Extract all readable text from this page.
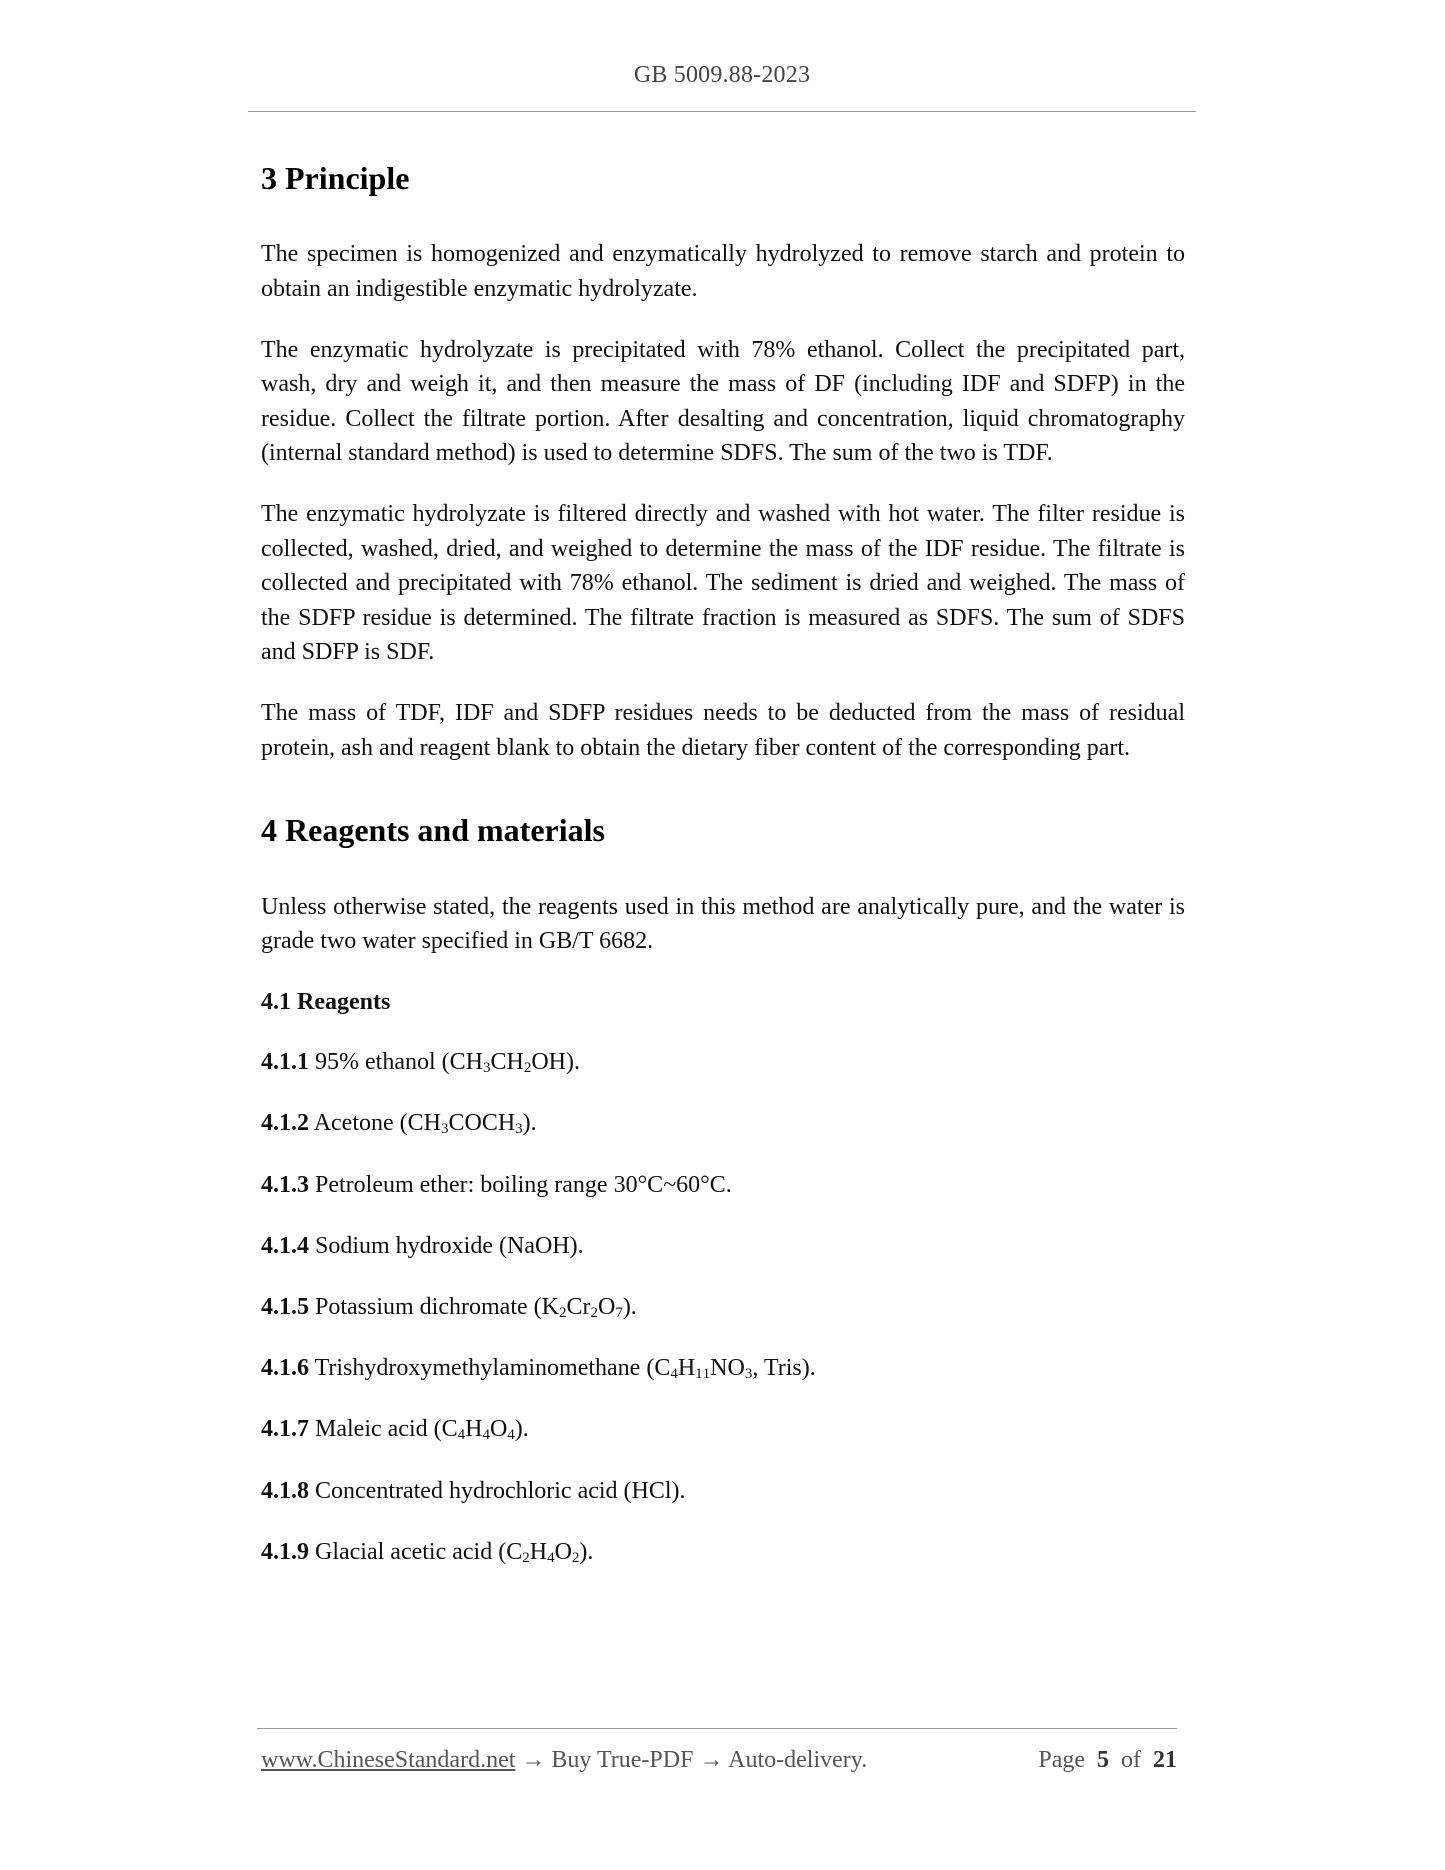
GB 5009.88-2023
3 Principle

The specimen is homogenized and enzymatically hydrolyzed to remove starch and protein to obtain an indigestible enzymatic hydrolyzate.

The enzymatic hydrolyzate is precipitated with 78% ethanol. Collect the precipitated part, wash, dry and weigh it, and then measure the mass of DF (including IDF and SDFP) in the residue. Collect the filtrate portion. After desalting and concentration, liquid chromatography (internal standard method) is used to determine SDFS. The sum of the two is TDF.

The enzymatic hydrolyzate is filtered directly and washed with hot water. The filter residue is collected, washed, dried, and weighed to determine the mass of the IDF residue. The filtrate is collected and precipitated with 78% ethanol. The sediment is dried and weighed. The mass of the SDFP residue is determined. The filtrate fraction is measured as SDFS. The sum of SDFS and SDFP is SDF.

The mass of TDF, IDF and SDFP residues needs to be deducted from the mass of residual protein, ash and reagent blank to obtain the dietary fiber content of the corresponding part.

4 Reagents and materials

Unless otherwise stated, the reagents used in this method are analytically pure, and the water is grade two water specified in GB/T 6682.

4.1 Reagents

4.1.1 95% ethanol $(CH_3CH_2OH)$.

4.1.2 Acetone $(CH_3COCH_3)$.

4.1.3 Petroleum ether: boiling range 30°C~60°C.

4.1.4 Sodium hydroxide (NaOH).

4.1.5 Potassium dichromate $(K_2Cr_2O_7)$.

4.1.6 Trishydroxymethylaminomethane ($C_4H_{11}NO_3$, Tris).

4.1.7 Maleic acid $(C_4H_4O_4)$.

4.1.8 Concentrated hydrochloric acid (HCl).

4.1.9 Glacial acetic acid $(C_2H_4O_2)$.

www.ChineseStandard.net → Buy True-PDF → Auto-delivery.	Page 5 of 21
